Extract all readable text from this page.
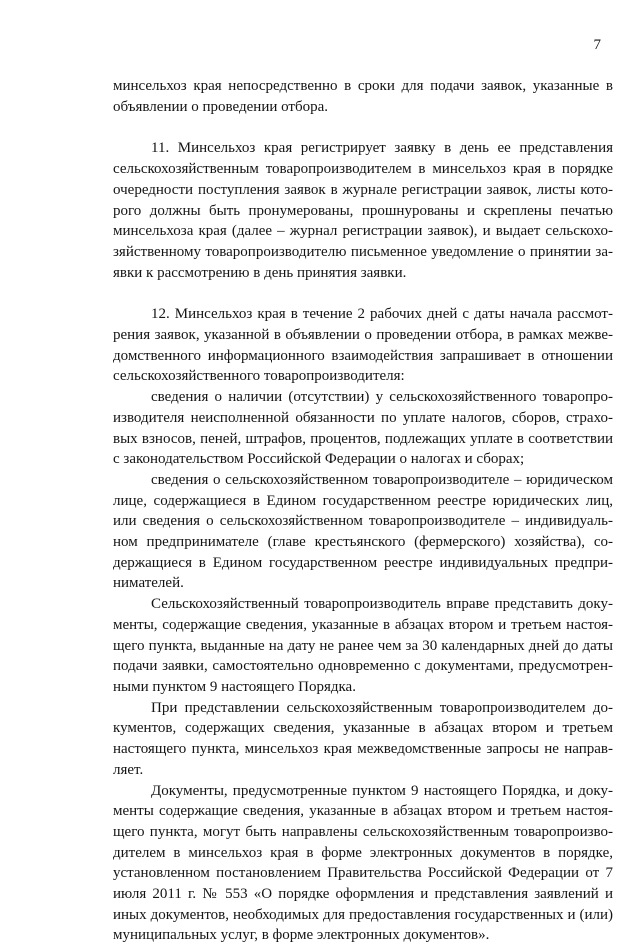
7

минсельхоз края непосредственно в сроки для подачи заявок, указанные в объявлении о проведении отбора.

11. Минсельхоз края регистрирует заявку в день ее представления сельскохозяйственным товаропроизводителем в минсельхоз края в порядке очередности поступления заявок в журнале регистрации заявок, листы которого должны быть пронумерованы, прошнурованы и скреплены печатью минсельхоза края (далее – журнал регистрации заявок), и выдает сельскохозяйственному товаропроизводителю письменное уведомление о принятии заявки к рассмотрению в день принятия заявки.

12. Минсельхоз края в течение 2 рабочих дней с даты начала рассмотрения заявок, указанной в объявлении о проведении отбора, в рамках межведомственного информационного взаимодействия запрашивает в отношении сельскохозяйственного товаропроизводителя:

сведения о наличии (отсутствии) у сельскохозяйственного товаропроизводителя неисполненной обязанности по уплате налогов, сборов, страховых взносов, пеней, штрафов, процентов, подлежащих уплате в соответствии с законодательством Российской Федерации о налогах и сборах;

сведения о сельскохозяйственном товаропроизводителе – юридическом лице, содержащиеся в Едином государственном реестре юридических лиц, или сведения о сельскохозяйственном товаропроизводителе – индивидуальном предпринимателе (главе крестьянского (фермерского) хозяйства), содержащиеся в Едином государственном реестре индивидуальных предпринимателей.

Сельскохозяйственный товаропроизводитель вправе представить документы, содержащие сведения, указанные в абзацах втором и третьем настоящего пункта, выданные на дату не ранее чем за 30 календарных дней до даты подачи заявки, самостоятельно одновременно с документами, предусмотренными пунктом 9 настоящего Порядка.

При представлении сельскохозяйственным товаропроизводителем документов, содержащих сведения, указанные в абзацах втором и третьем настоящего пункта, минсельхоз края межведомственные запросы не направляет.

Документы, предусмотренные пунктом 9 настоящего Порядка, и документы содержащие сведения, указанные в абзацах втором и третьем настоящего пункта, могут быть направлены сельскохозяйственным товаропроизводителем в минсельхоз края в форме электронных документов в порядке, установленном постановлением Правительства Российской Федерации от 7 июля 2011 г. № 553 «О порядке оформления и представления заявлений и иных документов, необходимых для предоставления государственных и (или) муниципальных услуг, в форме электронных документов».
